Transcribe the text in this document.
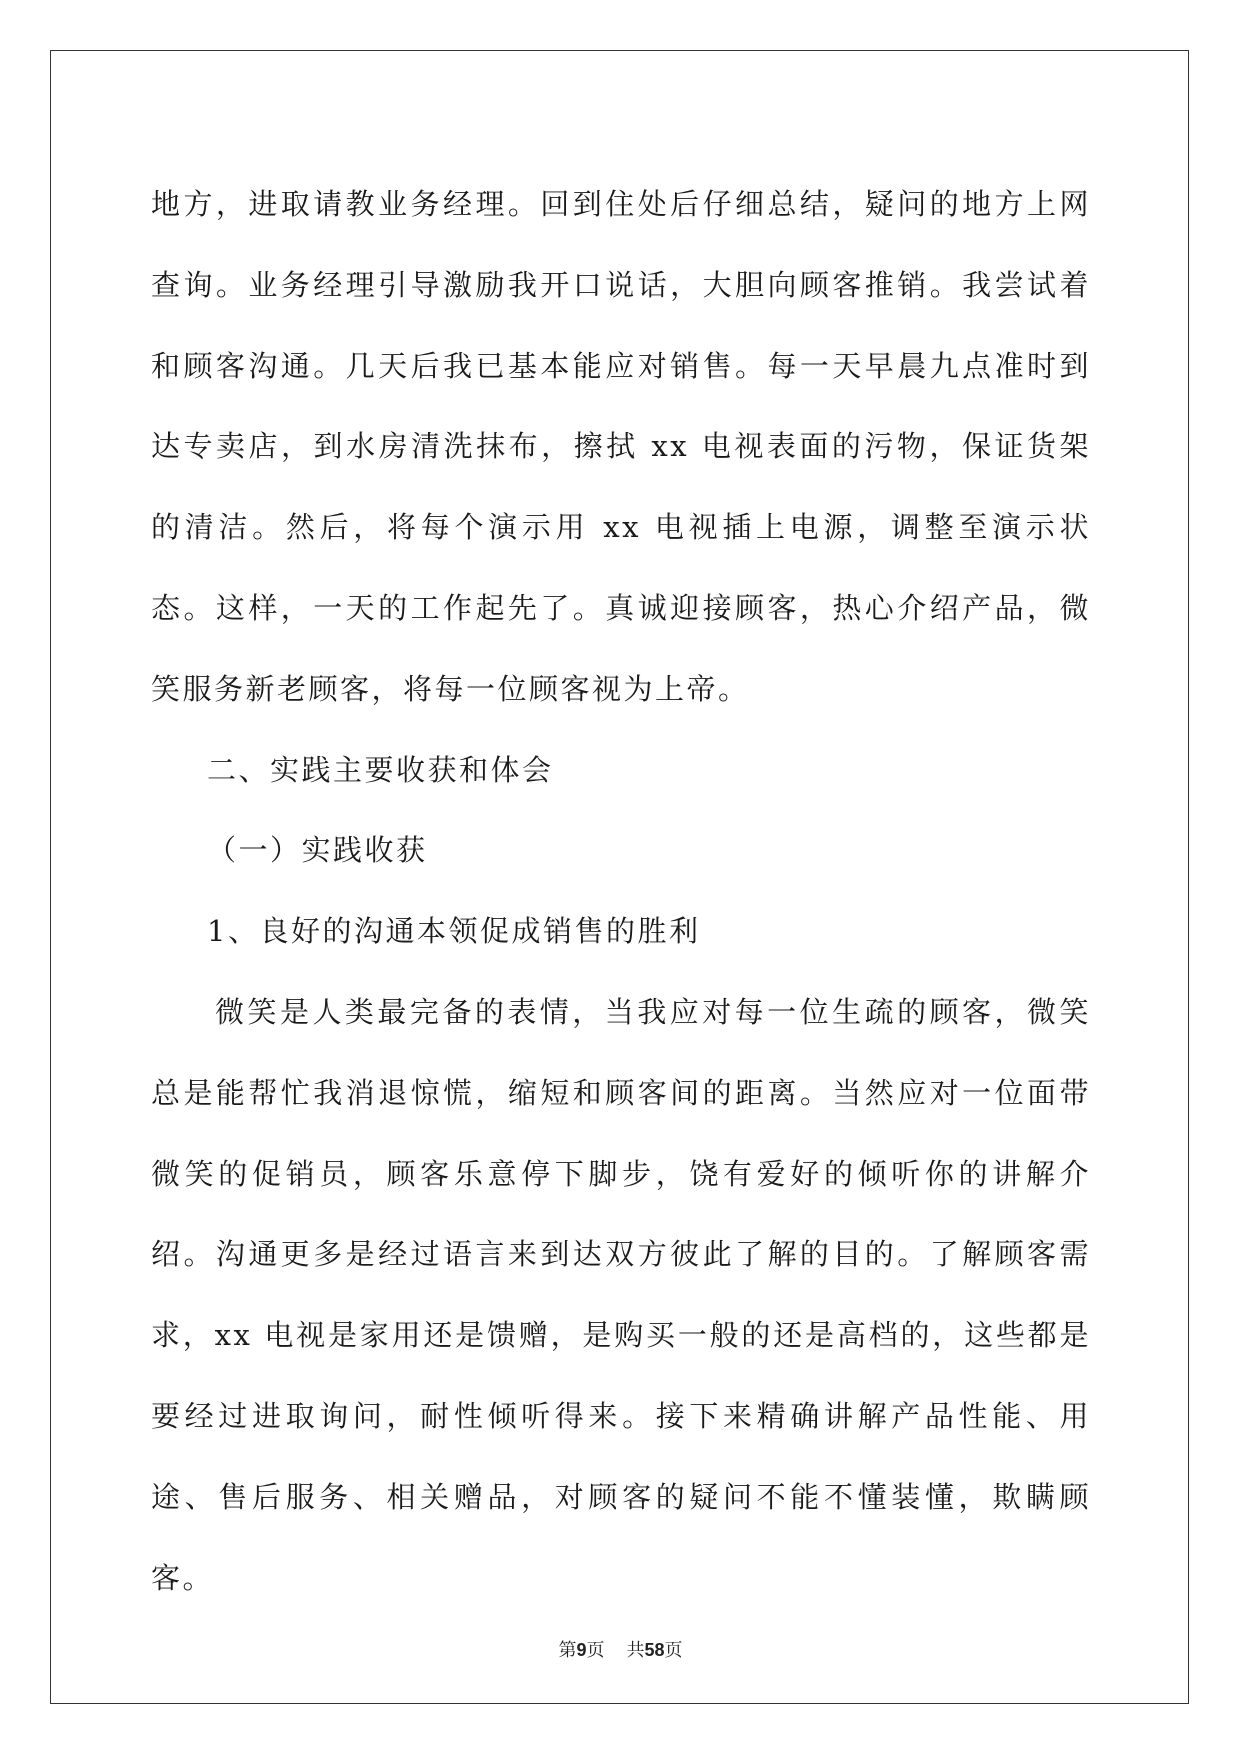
地方，进取请教业务经理。回到住处后仔细总结，疑问的地方上网查询。业务经理引导激励我开口说话，大胆向顾客推销。我尝试着和顾客沟通。几天后我已基本能应对销售。每一天早晨九点准时到达专卖店，到水房清洗抹布，擦拭 xx 电视表面的污物，保证货架的清洁。然后，将每个演示用 xx 电视插上电源，调整至演示状态。这样，一天的工作起先了。真诚迎接顾客，热心介绍产品，微笑服务新老顾客，将每一位顾客视为上帝。

二、实践主要收获和体会

（一）实践收获

1、良好的沟通本领促成销售的胜利

微笑是人类最完备的表情，当我应对每一位生疏的顾客，微笑总是能帮忙我消退惊慌，缩短和顾客间的距离。当然应对一位面带微笑的促销员，顾客乐意停下脚步，饶有爱好的倾听你的讲解介绍。沟通更多是经过语言来到达双方彼此了解的目的。了解顾客需求，xx 电视是家用还是馈赠，是购买一般的还是高档的，这些都是要经过进取询问，耐性倾听得来。接下来精确讲解产品性能、用途、售后服务、相关赠品，对顾客的疑问不能不懂装懂，欺瞒顾客。

第9页 共58页
